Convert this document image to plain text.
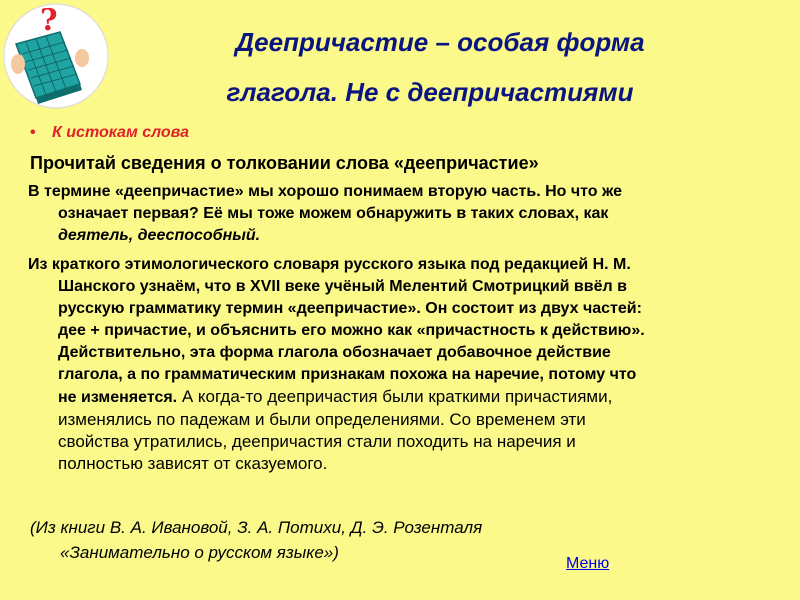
?
Деепричастие – особая форма
глагола. Не с деепричастиями
• К истокам слова
Прочитай сведения о толковании слова «деепричастие»
В термине «деепричастие» мы хорошо понимаем вторую часть. Но что же
означает первая? Её мы тоже можем обнаружить в таких словах, как
деятель, дееспособный.
Из краткого этимологического словаря русского языка под редакцией Н. М.
Шанского узнаём, что в XVII веке учёный Мелентий Смотрицкий ввёл в
русскую грамматику термин «деепричастие». Он состоит из двух частей:
дее + причастие, и объяснить его можно как «причастность к действию».
Действительно, эта форма глагола обозначает добавочное действие
глагола, а по грамматическим признакам похожа на наречие, потому что
не изменяется. А когда-то деепричастия были краткими причастиями,
изменялись по падежам и были определениями. Со временем эти
свойства утратились, деепричастия стали походить на наречия и
полностью зависят от сказуемого.
(Из книги В. А. Ивановой, З. А. Потихи, Д. Э. Розенталя
«Занимательно о русском языке»)
Меню
